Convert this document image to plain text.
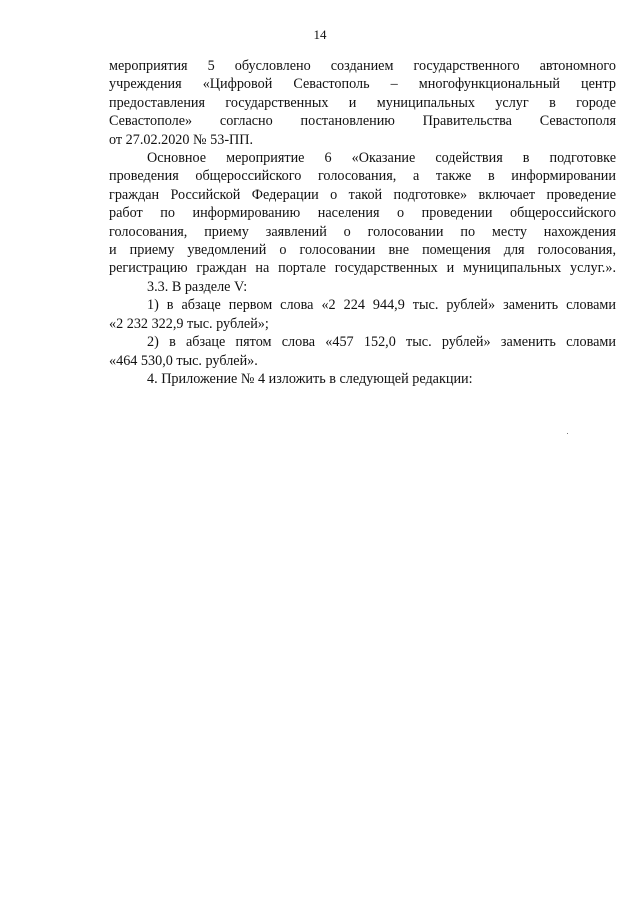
14
мероприятия 5 обусловлено созданием государственного автономного
учреждения «Цифровой Севастополь – многофункциональный центр
предоставления государственных и муниципальных услуг в городе
Севастополе» согласно постановлению Правительства Севастополя
от 27.02.2020 № 53-ПП.
Основное мероприятие 6 «Оказание содействия в подготовке
проведения общероссийского голосования, а также в информировании
граждан Российской Федерации о такой подготовке» включает проведение
работ по информированию населения о проведении общероссийского
голосования, приему заявлений о голосовании по месту нахождения
и приему уведомлений о голосовании вне помещения для голосования,
регистрацию граждан на портале государственных и муниципальных услуг.».
3.3. В разделе V:
1) в абзаце первом слова «2 224 944,9 тыс. рублей» заменить словами
«2 232 322,9 тыс. рублей»;
2) в абзаце пятом слова «457 152,0 тыс. рублей» заменить словами
«464 530,0 тыс. рублей».
4. Приложение № 4 изложить в следующей редакции:
